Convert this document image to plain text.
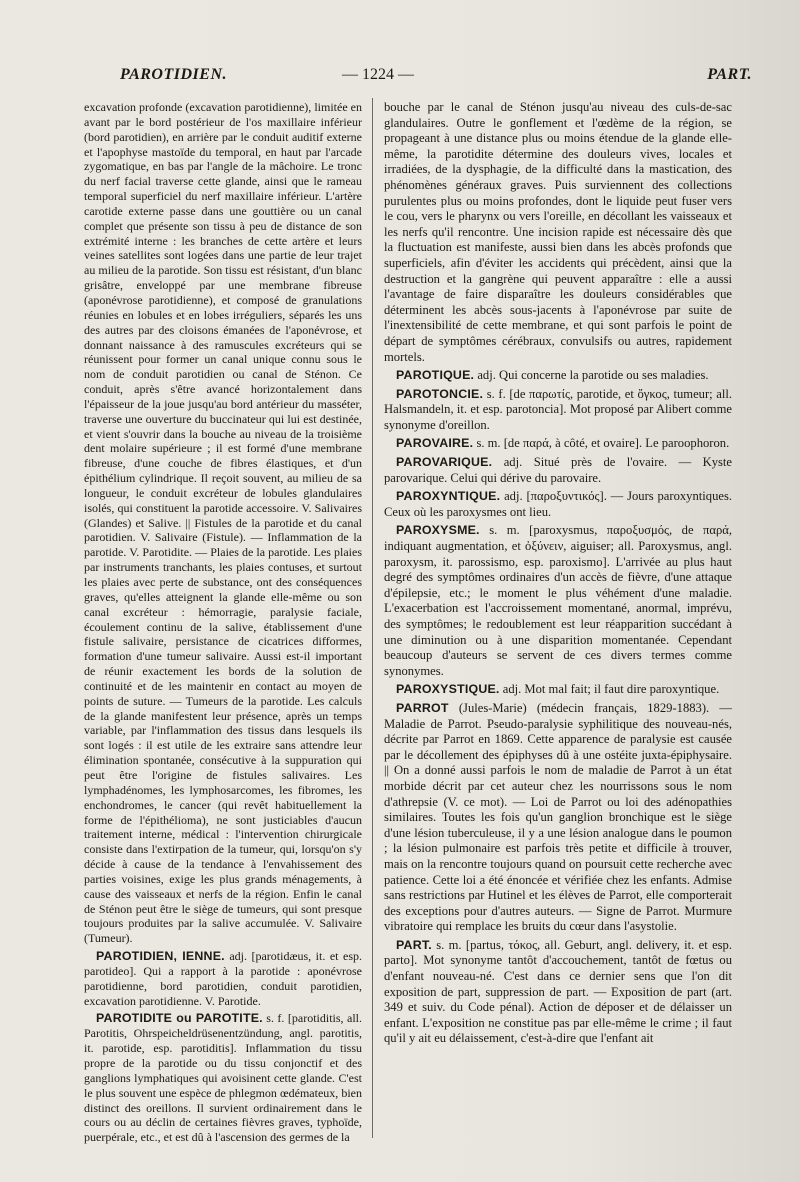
PAROTIDIEN.	— 1224 —	PART.

excavation profonde (excavation parotidienne), limitée en avant par le bord postérieur de l'os maxillaire inférieur (bord parotidien), en arrière par le conduit auditif externe et l'apophyse mastoïde du temporal, en haut par l'arcade zygomatique, en bas par l'angle de la mâchoire. Le tronc du nerf facial traverse cette glande, ainsi que le rameau temporal superficiel du nerf maxillaire inférieur. L'artère carotide externe passe dans une gouttière ou un canal complet que présente son tissu à peu de distance de son extrémité interne : les branches de cette artère et leurs veines satellites sont logées dans une partie de leur trajet au milieu de la parotide. Son tissu est résistant, d'un blanc grisâtre, enveloppé par une membrane fibreuse (aponévrose parotidienne), et composé de granulations réunies en lobules et en lobes irréguliers, séparés les uns des autres par des cloisons émanées de l'aponévrose, et donnant naissance à des ramuscules excréteurs qui se réunissent pour former un canal unique connu sous le nom de conduit parotidien ou canal de Sténon. Ce conduit, après s'être avancé horizontalement dans l'épaisseur de la joue jusqu'au bord antérieur du masséter, traverse une ouverture du buccinateur qui lui est destinée, et vient s'ouvrir dans la bouche au niveau de la troisième dent molaire supérieure ; il est formé d'une membrane fibreuse, d'une couche de fibres élastiques, et d'un épithélium cylindrique. Il reçoit souvent, au milieu de sa longueur, le conduit excréteur de lobules glandulaires isolés, qui constituent la parotide accessoire. V. Salivaires (Glandes) et Salive. || Fistules de la parotide et du canal parotidien. V. Salivaire (Fistule). — Inflammation de la parotide. V. Parotidite. — Plaies de la parotide. Les plaies par instruments tranchants, les plaies contuses, et surtout les plaies avec perte de substance, ont des conséquences graves, qu'elles atteignent la glande elle-même ou son canal excréteur : hémorragie, paralysie faciale, écoulement continu de la salive, établissement d'une fistule salivaire, persistance de cicatrices difformes, formation d'une tumeur salivaire. Aussi est-il important de réunir exactement les bords de la solution de continuité et de les maintenir en contact au moyen de points de suture. — Tumeurs de la parotide. Les calculs de la glande manifestent leur présence, après un temps variable, par l'inflammation des tissus dans lesquels ils sont logés : il est utile de les extraire sans attendre leur élimination spontanée, consécutive à la suppuration qui peut être l'origine de fistules salivaires. Les lymphadénomes, les lymphosarcomes, les fibromes, les enchondromes, le cancer (qui revêt habituellement la forme de l'épithélioma), ne sont justiciables d'aucun traitement interne, médical : l'intervention chirurgicale consiste dans l'extirpation de la tumeur, qui, lorsqu'on s'y décide à cause de la tendance à l'envahissement des parties voisines, exige les plus grands ménagements, à cause des vaisseaux et nerfs de la région. Enfin le canal de Sténon peut être le siège de tumeurs, qui sont presque toujours produites par la salive accumulée. V. Salivaire (Tumeur).

PAROTIDIEN, IENNE. adj. [parotidæus, it. et esp. parotideo]. Qui a rapport à la parotide : aponévrose parotidienne, bord parotidien, conduit parotidien, excavation parotidienne. V. Parotide.

PAROTIDITE ou PAROTITE. s. f. [parotiditis, all. Parotitis, Ohrspeicheldrüsenentzündung, angl. parotitis, it. parotide, esp. parotiditis]. Inflammation du tissu propre de la parotide ou du tissu conjonctif et des ganglions lymphatiques qui avoisinent cette glande. C'est le plus souvent une espèce de phlegmon œdémateux, bien distinct des oreillons. Il survient ordinairement dans le cours ou au déclin de certaines fièvres graves, typhoïde, puerpérale, etc., et est dû à l'ascension des germes de la

bouche par le canal de Sténon jusqu'au niveau des culs-de-sac glandulaires. Outre le gonflement et l'œdème de la région, se propageant à une distance plus ou moins étendue de la glande elle-même, la parotidite détermine des douleurs vives, locales et irradiées, de la dysphagie, de la difficulté dans la mastication, des phénomènes généraux graves. Puis surviennent des collections purulentes plus ou moins profondes, dont le liquide peut fuser vers le cou, vers le pharynx ou vers l'oreille, en décollant les vaisseaux et les nerfs qu'il rencontre. Une incision rapide est nécessaire dès que la fluctuation est manifeste, aussi bien dans les abcès profonds que superficiels, afin d'éviter les accidents qui précèdent, ainsi que la destruction et la gangrène qui peuvent apparaître : elle a aussi l'avantage de faire disparaître les douleurs considérables que déterminent les abcès sous-jacents à l'aponévrose par suite de l'inextensibilité de cette membrane, et qui sont parfois le point de départ de symptômes cérébraux, convulsifs ou autres, rapidement mortels.

PAROTIQUE. adj. Qui concerne la parotide ou ses maladies.

PAROTONCIE. s. f. [de παρωτίς, parotide, et ὄγκος, tumeur; all. Halsmandeln, it. et esp. parotoncia]. Mot proposé par Alibert comme synonyme d'oreillon.

PAROVAIRE. s. m. [de παρά, à côté, et ovaire]. Le paroophoron.

PAROVARIQUE. adj. Situé près de l'ovaire. — Kyste parovarique. Celui qui dérive du parovaire.

PAROXYNTIQUE. adj. [παροξυντικός]. — Jours paroxyntiques. Ceux où les paroxysmes ont lieu.

PAROXYSME. s. m. [paroxysmus, παροξυσμός, de παρά, indiquant augmentation, et ὀξύνειν, aiguiser; all. Paroxysmus, angl. paroxysm, it. parossismo, esp. paroxismo]. L'arrivée au plus haut degré des symptômes ordinaires d'un accès de fièvre, d'une attaque d'épilepsie, etc.; le moment le plus véhément d'une maladie. L'exacerbation est l'accroissement momentané, anormal, imprévu, des symptômes; le redoublement est leur réapparition succédant à une diminution ou à une disparition momentanée. Cependant beaucoup d'auteurs se servent de ces divers termes comme synonymes.

PAROXYSTIQUE. adj. Mot mal fait; il faut dire paroxyntique.

PARROT (Jules-Marie) (médecin français, 1829-1883). — Maladie de Parrot. Pseudo-paralysie syphilitique des nouveau-nés, décrite par Parrot en 1869. Cette apparence de paralysie est causée par le décollement des épiphyses dû à une ostéite juxta-épiphysaire. || On a donné aussi parfois le nom de maladie de Parrot à un état morbide décrit par cet auteur chez les nourrissons sous le nom d'athrepsie (V. ce mot). — Loi de Parrot ou loi des adénopathies similaires. Toutes les fois qu'un ganglion bronchique est le siège d'une lésion tuberculeuse, il y a une lésion analogue dans le poumon ; la lésion pulmonaire est parfois très petite et difficile à trouver, mais on la rencontre toujours quand on poursuit cette recherche avec patience. Cette loi a été énoncée et vérifiée chez les enfants. Admise sans restrictions par Hutinel et les élèves de Parrot, elle comporterait des exceptions pour d'autres auteurs. — Signe de Parrot. Murmure vibratoire qui remplace les bruits du cœur dans l'asystolie.

PART. s. m. [partus, τόκος, all. Geburt, angl. delivery, it. et esp. parto]. Mot synonyme tantôt d'accouchement, tantôt de fœtus ou d'enfant nouveau-né. C'est dans ce dernier sens que l'on dit exposition de part, suppression de part. — Exposition de part (art. 349 et suiv. du Code pénal). Action de déposer et de délaisser un enfant. L'exposition ne constitue pas par elle-même le crime ; il faut qu'il y ait eu délaissement, c'est-à-dire que l'enfant ait
